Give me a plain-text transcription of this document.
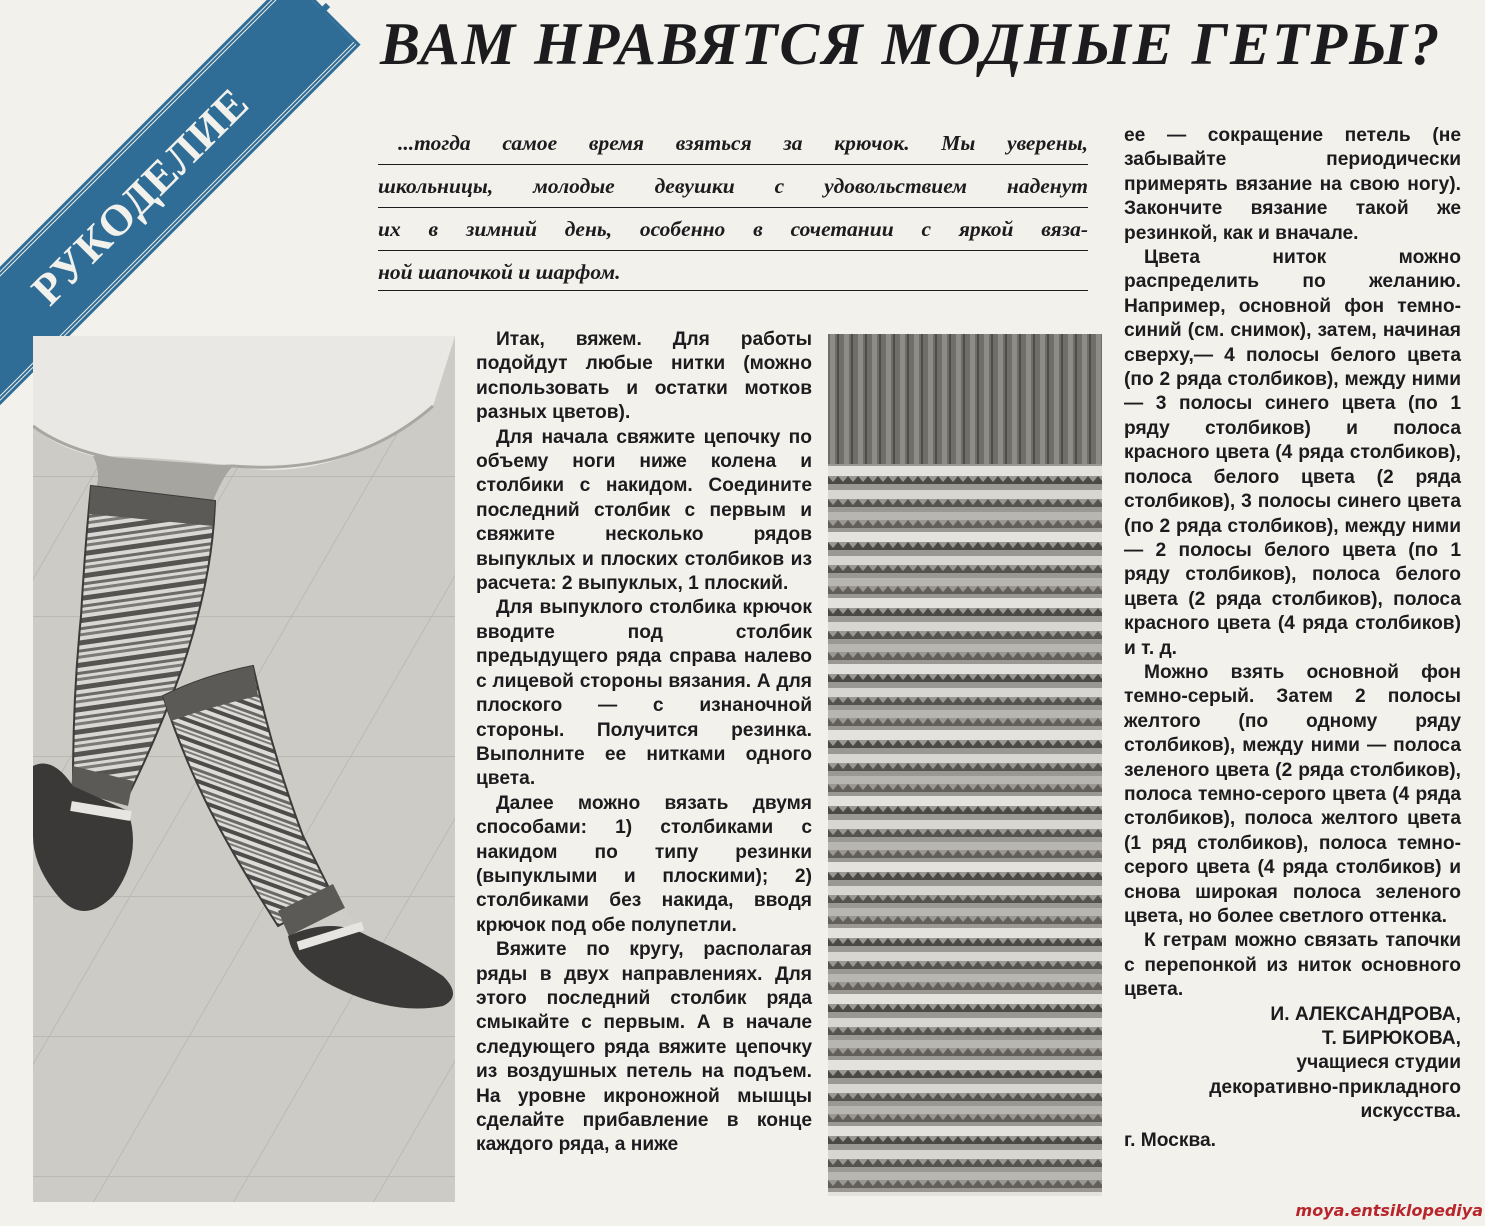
РУКОДЕЛИЕ
ВАМ НРАВЯТСЯ МОДНЫЕ ГЕТРЫ?
...тогда самое время взяться за крючок. Мы уверены,
школьницы, молодые девушки с удовольствием наденут
их в зимний день, особенно в сочетании с яркой вяза-
ной шапочкой и шарфом.

Итак, вяжем. Для работы подойдут любые нитки (можно использовать и остатки мотков разных цветов).

Для начала свяжите цепочку по объему ноги ниже колена и столбики с накидом. Соедините последний столбик с первым и свяжите несколько рядов выпуклых и плоских столбиков из расчета: 2 выпуклых, 1 плоский.

Для выпуклого столбика крючок вводите под столбик предыдущего ряда справа налево с лицевой стороны вязания. А для плоского — с изнаночной стороны. Получится резинка. Выполните ее нитками одного цвета.

Далее можно вязать двумя способами: 1) столбиками с накидом по типу резинки (выпуклыми и плоскими); 2) столбиками без накида, вводя крючок под обе полупетли.

Вяжите по кругу, располагая ряды в двух направлениях. Для этого последний столбик ряда смыкайте с первым. А в начале следующего ряда вяжите цепочку из воздушных петель на подъем. На уровне икроножной мышцы сделайте прибавление в конце каждого ряда, а ниже

ее — сокращение петель (не забывайте периодически примерять вязание на свою ногу). Закончите вязание такой же резинкой, как и вначале.

Цвета ниток можно распределить по желанию. Например, основной фон темно-синий (см. снимок), затем, начиная сверху,— 4 полосы белого цвета (по 2 ряда столбиков), между ними — 3 полосы синего цвета (по 1 ряду столбиков) и полоса красного цвета (4 ряда столбиков), полоса белого цвета (2 ряда столбиков), 3 полосы синего цвета (по 2 ряда столбиков), между ними — 2 полосы белого цвета (по 1 ряду столбиков), полоса белого цвета (2 ряда столбиков), полоса красного цвета (4 ряда столбиков) и т. д.

Можно взять основной фон темно-серый. Затем 2 полосы желтого (по одному ряду столбиков), между ними — полоса зеленого цвета (2 ряда столбиков), полоса темно-серого цвета (4 ряда столбиков), полоса желтого цвета (1 ряд столбиков), полоса темно-серого цвета (4 ряда столбиков) и снова широкая полоса зеленого цвета, но более светлого оттенка.

К гетрам можно связать тапочки с перепонкой из ниток основного цвета.

И. АЛЕКСАНДРОВА,
Т. БИРЮКОВА,
учащиеся студии
декоративно-прикладного
искусства.
г. Москва.
moya.entsiklopediya
